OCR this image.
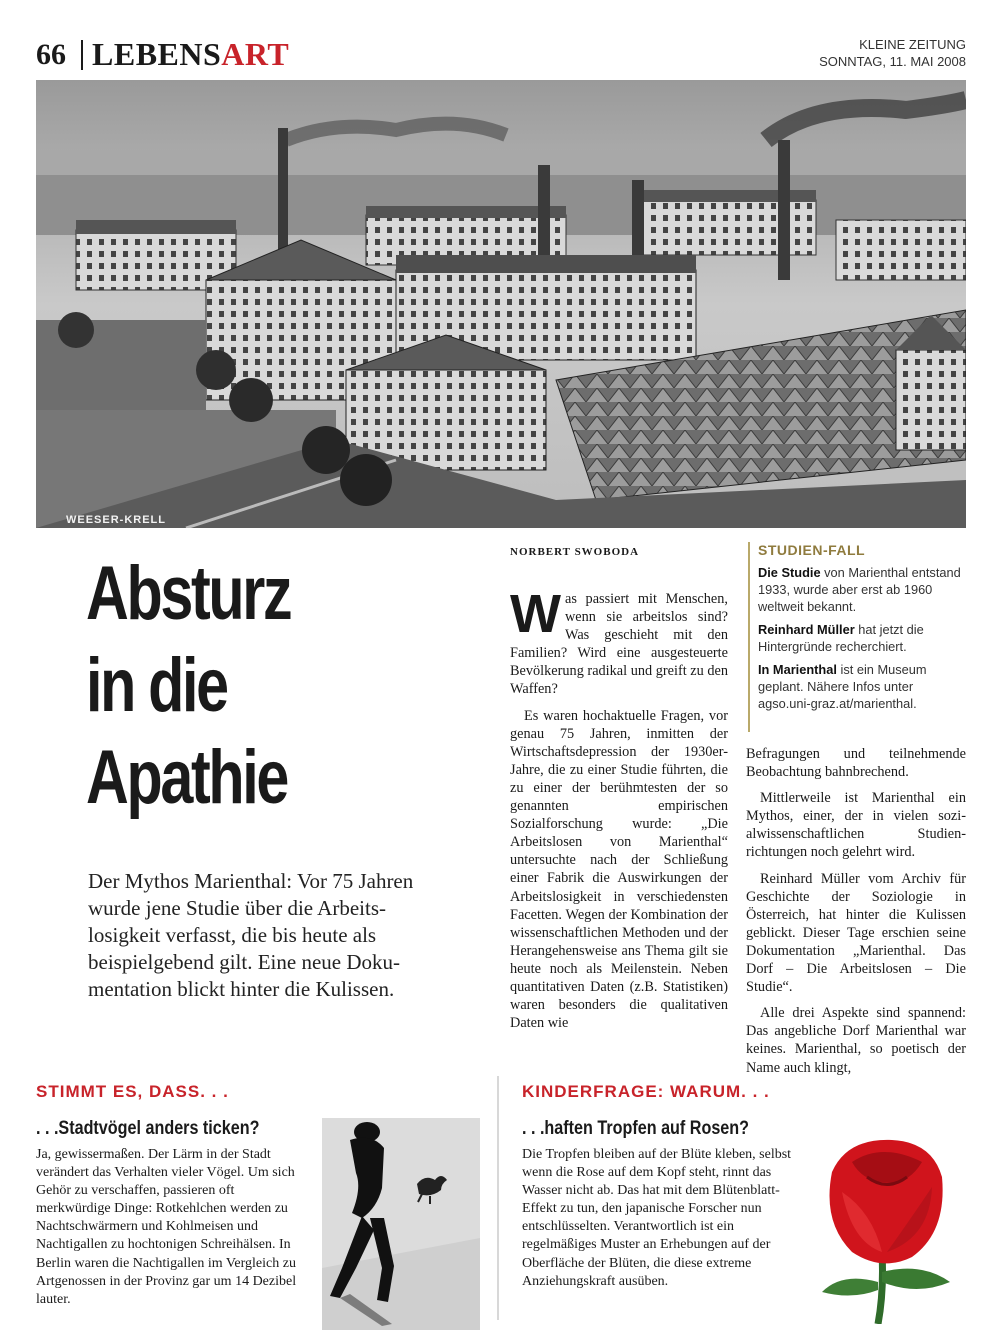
66 LEBENSART	KLEINE ZEITUNG
SONNTAG, 11. MAI 2008
WEESER-KRELL
Absturz
in die
Apathie

Der Mythos Marienthal: Vor 75 Jahren wurde jene Studie über die Arbeitslosigkeit verfasst, die bis heute als beispielgebend gilt. Eine neue Dokumentation blickt hinter die Kulissen.

NORBERT SWOBODA

Was passiert mit Menschen, wenn sie arbeitslos sind? Was geschieht mit den Familien? Wird eine ausgesteuerte Bevölkerung radikal und greift zu den Waffen?

Es waren hochaktuelle Fragen, vor genau 75 Jahren, inmitten der Wirtschaftsdepression der 1930er-Jahre, die zu einer Studie führten, die zu einer der berühmtesten der so genannten empirischen Sozialforschung wurde: „Die Arbeitslosen von Marienthal“ untersuchte nach der Schließung einer Fabrik die Auswirkungen der Arbeitslosigkeit in verschiedensten Facetten. Wegen der Kombination der wissenschaftlichen Methoden und der Herangehensweise ans Thema gilt sie heute noch als Meilenstein. Neben quantitativen Daten (z.B. Statistiken) waren besonders die qualitativen Daten wie

Befragungen und teilnehmende Beobachtung bahnbrechend.

Mittlerweile ist Marienthal ein Mythos, einer, der in vielen sozialwissenschaftlichen Studienrichtungen noch gelehrt wird.

Reinhard Müller vom Archiv für Geschichte der Soziologie in Österreich, hat hinter die Kulissen geblickt. Dieser Tage erschien seine Dokumentation „Marienthal. Das Dorf – Die Arbeitslosen – Die Studie“.

Alle drei Aspekte sind spannend: Das angebliche Dorf Marienthal war keines. Marienthal, so poetisch der Name auch klingt,

STUDIEN-FALL
Die Studie von Marienthal entstand 1933, wurde aber erst ab 1960 weltweit bekannt.
Reinhard Müller hat jetzt die Hintergründe recherchiert.
In Marienthal ist ein Museum geplant. Nähere Infos unter agso.uni-graz.at/marienthal.
STIMMT ES, DASS. . .
. . .Stadtvögel anders ticken?

Ja, gewissermaßen. Der Lärm in der Stadt verändert das Verhalten vieler Vögel. Um sich Gehör zu verschaffen, passieren oft merkwürdige Dinge: Rotkehlchen werden zu Nachtschwärmern und Kohlmeisen und Nachtigallen zu hochtonigen Schreihälsen. In Berlin waren die Nachtigallen im Vergleich zu Artgenossen in der Provinz gar um 14 Dezibel lauter.

KINDERFRAGE: WARUM. . .
. . .haften Tropfen auf Rosen?

Die Tropfen bleiben auf der Blüte kleben, selbst wenn die Rose auf dem Kopf steht, rinnt das Wasser nicht ab. Das hat mit dem Blütenblatt-Effekt zu tun, den japanische Forscher nun entschlüsselten. Verantwortlich ist ein regelmäßiges Muster an Erhebungen auf der Oberfläche der Blüten, die diese extreme Anziehungskraft ausüben.
